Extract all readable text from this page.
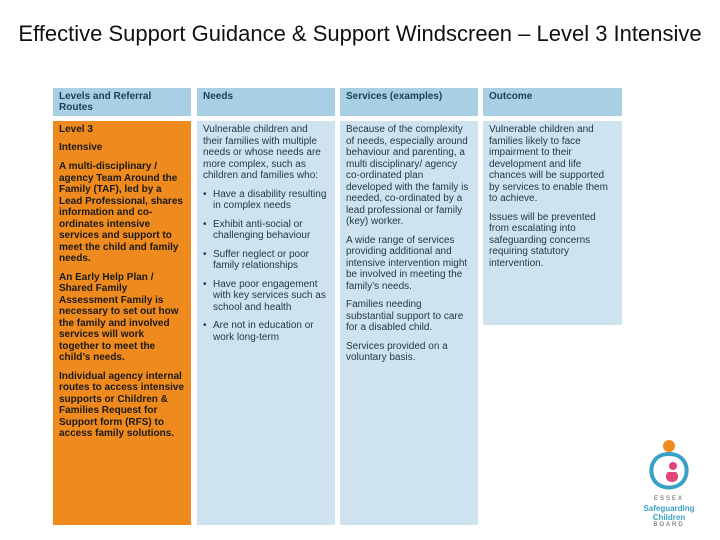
Effective Support Guidance & Support Windscreen – Level 3 Intensive
Levels and Referral Routes
Needs	Services (examples)	Outcome

Level 3

Intensive

A multi-disciplinary / agency Team Around the Family (TAF), led by a Lead Professional, shares information and co-ordinates intensive services and support to meet the child and family needs.

An Early Help Plan / Shared Family Assessment Family is necessary to set out how the family and involved services will work together to meet the child’s needs.

Individual agency internal routes to access intensive supports or Children & Families Request for Support form (RFS) to access family solutions.

Vulnerable children and their families with multiple needs or whose needs are more complex, such as children and families who:

• Have a disability resulting in complex needs
• Exhibit anti-social or challenging behaviour
• Suffer neglect or poor family relationships
• Have poor engagement with key services such as school and health
• Are not in education or work long-term

Because of the complexity of needs, especially around behaviour and parenting, a multi disciplinary/ agency co-ordinated plan developed with the family is needed, co-ordinated by a lead professional or family (key) worker.

A wide range of services providing additional and intensive intervention might be involved in meeting the family’s needs.

Families needing substantial support to care for a disabled child.

Services provided on a voluntary basis.

Vulnerable children and families likely to face impairment to their development and life chances will be supported by services to enable them to achieve.

Issues will be prevented from escalating into safeguarding concerns requiring statutory intervention.

ESSEX
Safeguarding
Children
BOARD
